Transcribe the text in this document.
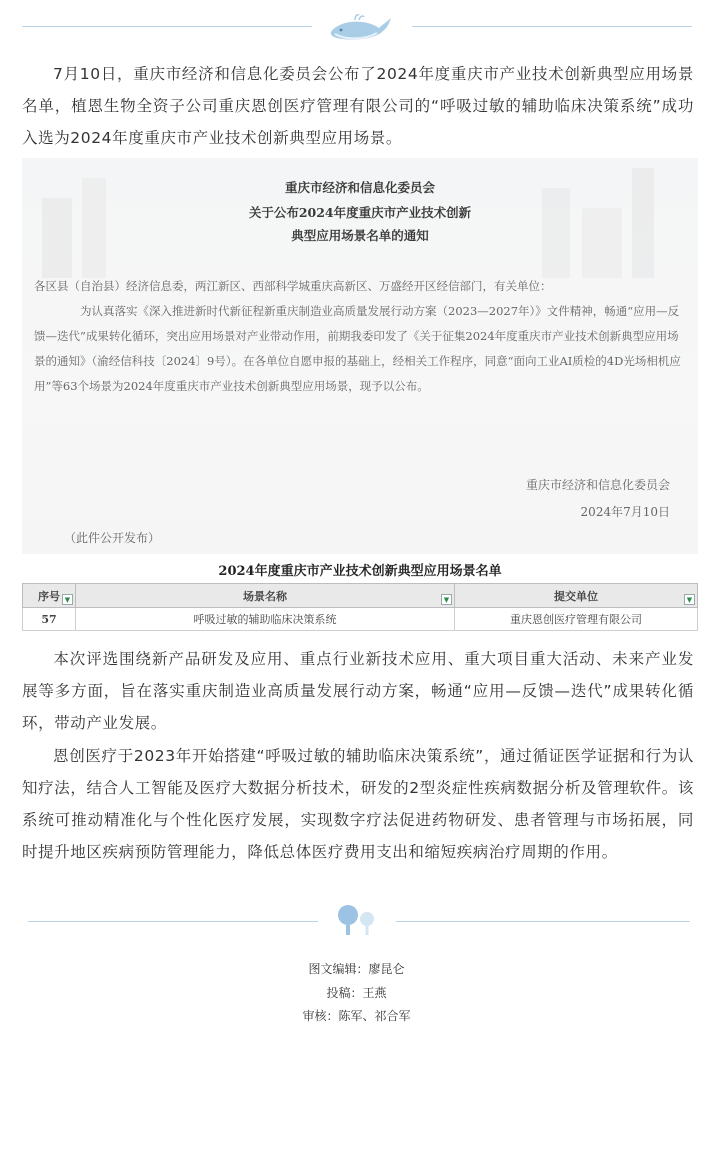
7月10日，重庆市经济和信息化委员会公布了2024年度重庆市产业技术创新典型应用场景名单，植恩生物全资子公司重庆恩创医疗管理有限公司的“呼吸过敏的辅助临床决策系统”成功入选为2024年度重庆市产业技术创新典型应用场景。

重庆市经济和信息化委员会
关于公布2024年度重庆市产业技术创新
典型应用场景名单的通知
各区县（自治县）经济信息委，两江新区、西部科学城重庆高新区、万盛经开区经信部门，有关单位：
为认真落实《深入推进新时代新征程新重庆制造业高质量发展行动方案（2023—2027年）》文件精神，畅通“应用—反馈—迭代”成果转化循环，突出应用场景对产业带动作用，前期我委印发了《关于征集2024年度重庆市产业技术创新典型应用场景的通知》（渝经信科技〔2024〕9号）。在各单位自愿申报的基础上，经相关工作程序，同意“面向工业AI质检的4D光场相机应用”等63个场景为2024年度重庆市产业技术创新典型应用场景，现予以公布。
重庆市经济和信息化委员会
2024年7月10日
（此件公开发布）
2024年度重庆市产业技术创新典型应用场景名单
序号 ▼	场景名称 ▼	提交单位 ▼

57	呼吸过敏的辅助临床决策系统	重庆恩创医疗管理有限公司

本次评选围绕新产品研发及应用、重点行业新技术应用、重大项目重大活动、未来产业发展等多方面，旨在落实重庆制造业高质量发展行动方案，畅通“应用—反馈—迭代”成果转化循环，带动产业发展。

恩创医疗于2023年开始搭建“呼吸过敏的辅助临床决策系统”，通过循证医学证据和行为认知疗法，结合人工智能及医疗大数据分析技术，研发的2型炎症性疾病数据分析及管理软件。该系统可推动精准化与个性化医疗发展，实现数字疗法促进药物研发、患者管理与市场拓展，同时提升地区疾病预防管理能力，降低总体医疗费用支出和缩短疾病治疗周期的作用。

图文编辑：廖昆仑
投稿：王燕
审核：陈军、祁合军
